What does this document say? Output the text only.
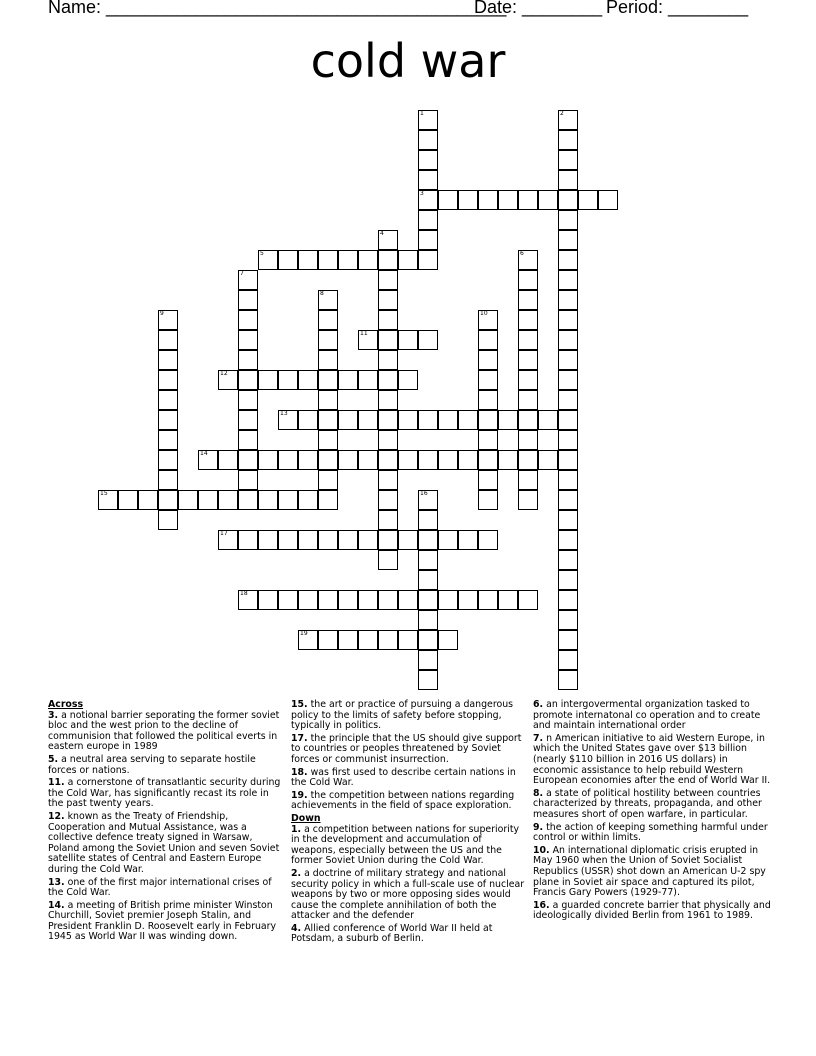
Name: ________________________________________
Date: ________ Period: ________
cold war
3
5
11
12
13
14
15
17
18
19
1	2
4
6
7
8
9	10
16
Across
3. a notional barrier seporating the former soviet bloc and the west prion to the decline of communision that followed the political everts in eastern europe in 1989
5. a neutral area serving to separate hostile forces or nations.
11. a cornerstone of transatlantic security during the Cold War, has significantly recast its role in the past twenty years.
12. known as the Treaty of Friendship, Cooperation and Mutual Assistance, was a collective defence treaty signed in Warsaw, Poland among the Soviet Union and seven Soviet satellite states of Central and Eastern Europe during the Cold War.
13. one of the first major international crises of the Cold War.
14. a meeting of British prime minister Winston Churchill, Soviet premier Joseph Stalin, and President Franklin D. Roosevelt early in February 1945 as World War II was winding down.
15. the art or practice of pursuing a dangerous policy to the limits of safety before stopping, typically in politics.
17. the principle that the US should give support to countries or peoples threatened by Soviet forces or communist insurrection.
18. was first used to describe certain nations in the Cold War.
19. the competition between nations regarding achievements in the field of space exploration.
Down
1. a competition between nations for superiority in the development and accumulation of weapons, especially between the US and the former Soviet Union during the Cold War.
2. a doctrine of military strategy and national security policy in which a full-scale use of nuclear weapons by two or more opposing sides would cause the complete annihilation of both the attacker and the defender
4. Allied conference of World War II held at Potsdam, a suburb of Berlin.
6. an intergovermental organization tasked to promote internatonal co operation and to create and maintain international order
7. n American initiative to aid Western Europe, in which the United States gave over $13 billion (nearly $110 billion in 2016 US dollars) in economic assistance to help rebuild Western European economies after the end of World War II.
8. a state of political hostility between countries characterized by threats, propaganda, and other measures short of open warfare, in particular.
9. the action of keeping something harmful under control or within limits.
10. An international diplomatic crisis erupted in May 1960 when the Union of Soviet Socialist Republics (USSR) shot down an American U-2 spy plane in Soviet air space and captured its pilot, Francis Gary Powers (1929-77).
16. a guarded concrete barrier that physically and ideologically divided Berlin from 1961 to 1989.
